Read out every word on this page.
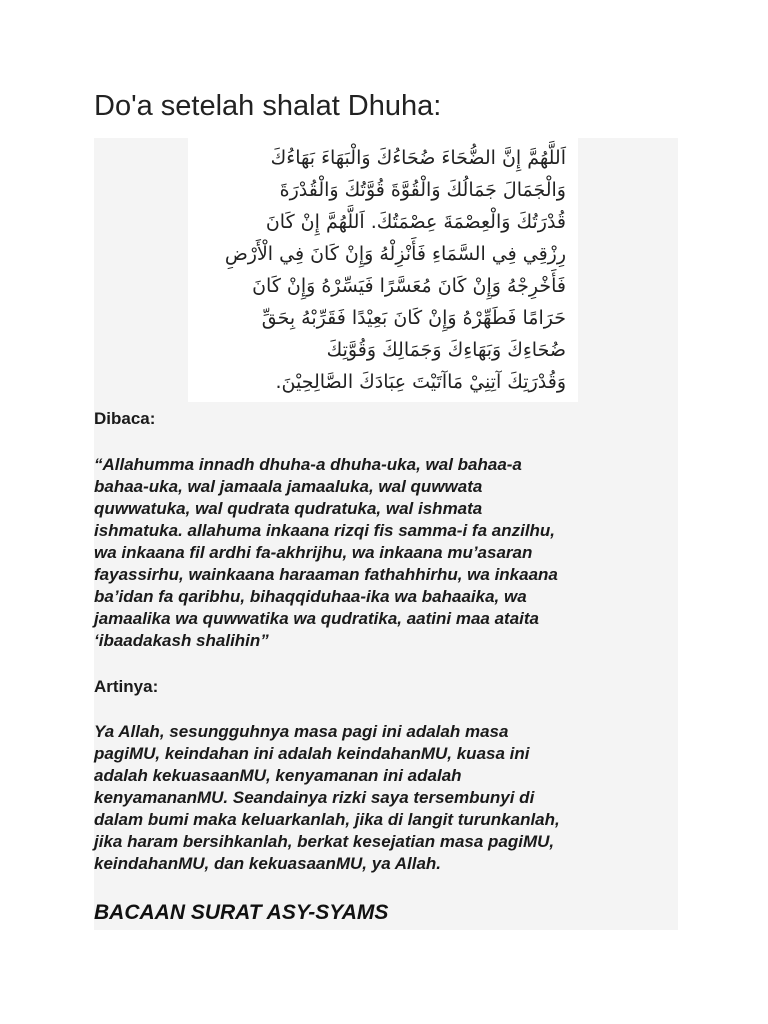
Do'a setelah shalat Dhuha:
اَللَّهُمَّ إِنَّ الضُّحَاءَ ضُحَاءُكَ وَالْبَهَاءَ بَهَاءُكَ
وَالْجَمَالَ جَمَالُكَ وَالْقُوَّةَ قُوَّتُكَ وَالْقُدْرَةَ
قُدْرَتُكَ وَالْعِصْمَةَ عِصْمَتُكَ. اَللَّهُمَّ إِنْ كَانَ
رِزْقِي فِي السَّمَاءِ فَأَنْزِلْهُ وَإِنْ كَانَ فِي الْأَرْضِ
فَأَخْرِجْهُ وَإِنْ كَانَ مُعَسَّرًا فَيَسِّرْهُ وَإِنْ كَانَ
حَرَامًا فَطَهِّرْهُ وَإِنْ كَانَ بَعِيْدًا فَقَرِّبْهُ بِحَقِّ
ضُحَاءِكَ وَبَهَاءِكَ وَجَمَالِكَ وَقُوَّتِكَ
وَقُدْرَتِكَ آتِنِيْ مَاآتَيْتَ عِبَادَكَ الصَّالِحِيْنَ.

Dibaca:

“Allahumma innadh dhuha-a dhuha-uka, wal bahaa-a
bahaa-uka, wal jamaala jamaaluka, wal quwwata
quwwatuka, wal qudrata qudratuka, wal ishmata
ishmatuka. allahuma inkaana rizqi fis samma-i fa anzilhu,
wa inkaana fil ardhi fa-akhrijhu, wa inkaana mu’asaran
fayassirhu, wainkaana haraaman fathahhirhu, wa inkaana
ba’idan fa qaribhu, bihaqqiduhaa-ika wa bahaaika, wa
jamaalika wa quwwatika wa qudratika, aatini maa ataita
‘ibaadakash shalihin”

Artinya:

Ya Allah, sesungguhnya masa pagi ini adalah masa
pagiMU, keindahan ini adalah keindahanMU, kuasa ini
adalah kekuasaanMU, kenyamanan ini adalah
kenyamananMU. Seandainya rizki saya tersembunyi di
dalam bumi maka keluarkanlah, jika di langit turunkanlah,
jika haram bersihkanlah, berkat kesejatian masa pagiMU,
keindahanMU, dan kekuasaanMU, ya Allah.

BACAAN SURAT ASY-SYAMS
